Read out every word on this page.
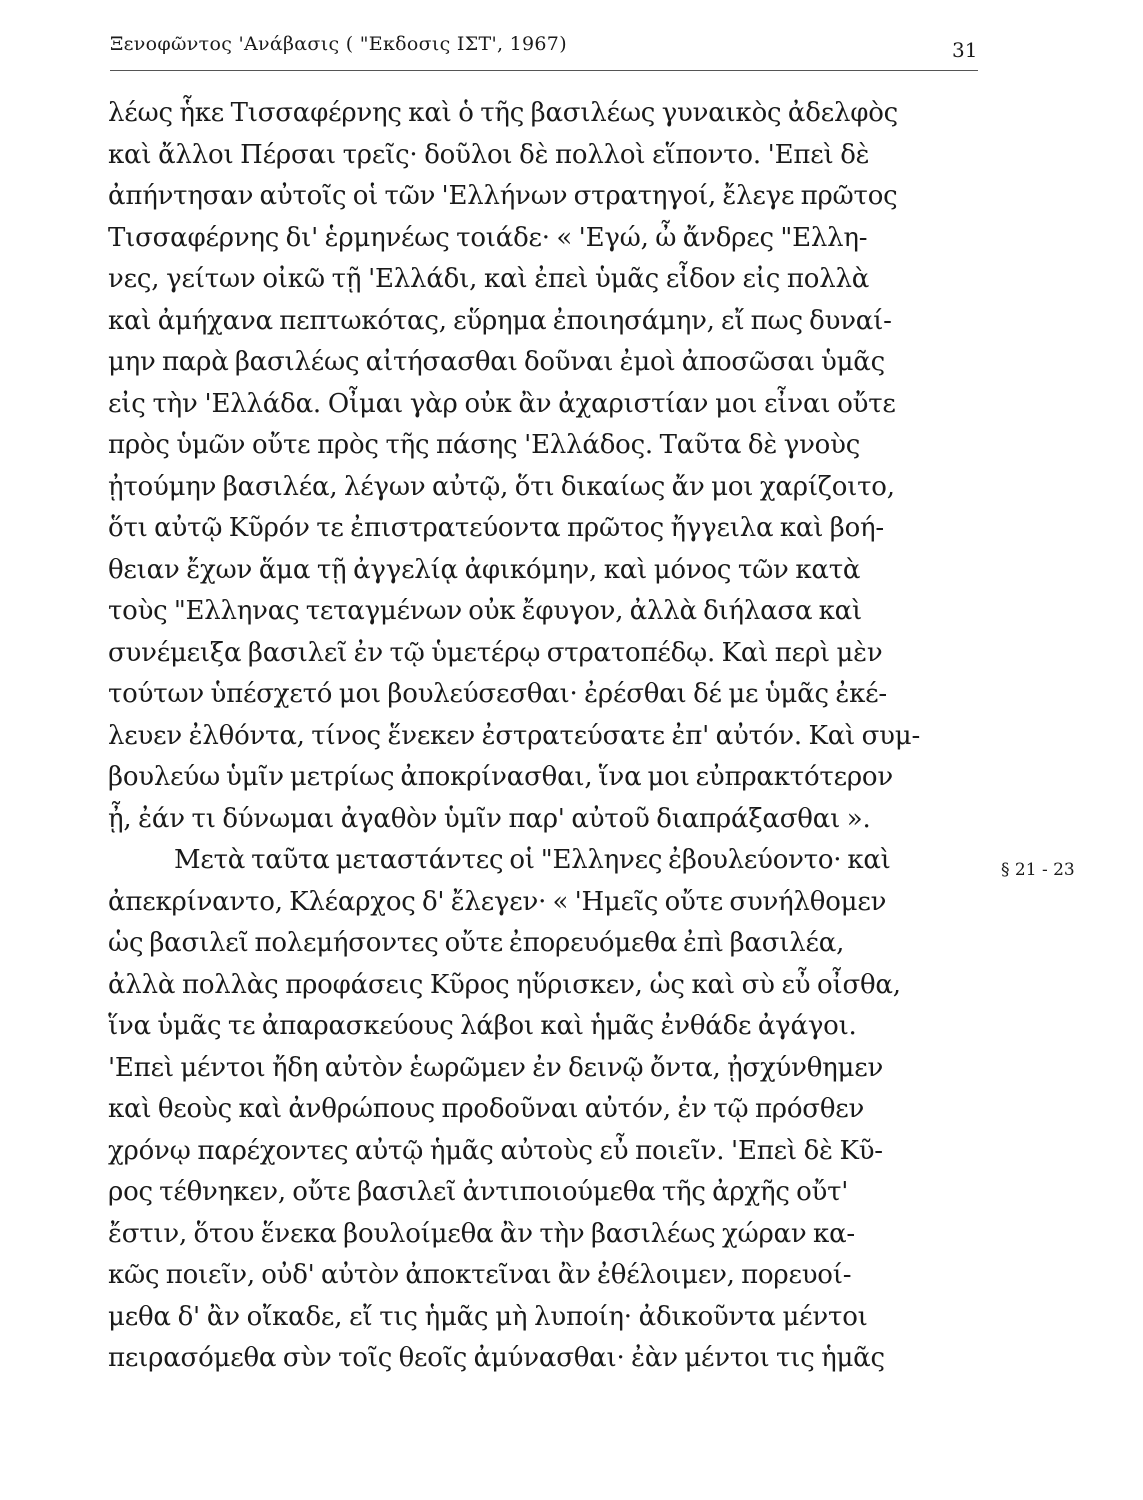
Ξενοφῶντος 'Ανάβασις ( "Εκδοσις ΙΣΤ', 1967)	31
λέως ἧκε Τισσαφέρνης καὶ ὁ τῆς βασιλέως γυναικὸς ἀδελφὸς
καὶ ἄλλοι Πέρσαι τρεῖς· δοῦλοι δὲ πολλοὶ εἵποντο. 'Επεὶ δὲ
ἀπήντησαν αὐτοῖς οἱ τῶν 'Ελλήνων στρατηγοί, ἔλεγε πρῶτος
Τισσαφέρνης δι' ἑρμηνέως τοιάδε· « 'Εγώ, ὦ ἄνδρες "Ελλη-
νες, γείτων οἰκῶ τῇ 'Ελλάδι, καὶ ἐπεὶ ὑμᾶς εἶδον εἰς πολλὰ
καὶ ἀμήχανα πεπτωκότας, εὕρημα ἐποιησάμην, εἴ πως δυναί-
μην παρὰ βασιλέως αἰτήσασθαι δοῦναι ἐμοὶ ἀποσῶσαι ὑμᾶς
εἰς τὴν 'Ελλάδα. Οἶμαι γὰρ οὐκ ἂν ἀχαριστίαν μοι εἶναι οὔτε
πρὸς ὑμῶν οὔτε πρὸς τῆς πάσης 'Ελλάδος. Ταῦτα δὲ γνοὺς
ᾐτούμην βασιλέα, λέγων αὐτῷ, ὅτι δικαίως ἄν μοι χαρίζοιτο,
ὅτι αὐτῷ Κῦρόν τε ἐπιστρατεύοντα πρῶτος ἤγγειλα καὶ βοή-
θειαν ἔχων ἅμα τῇ ἀγγελίᾳ ἀφικόμην, καὶ μόνος τῶν κατὰ
τοὺς "Ελληνας τεταγμένων οὐκ ἔφυγον, ἀλλὰ διήλασα καὶ
συνέμειξα βασιλεῖ ἐν τῷ ὑμετέρῳ στρατοπέδῳ. Καὶ περὶ μὲν
τούτων ὑπέσχετό μοι βουλεύσεσθαι· ἐρέσθαι δέ με ὑμᾶς ἐκέ-
λευεν ἐλθόντα, τίνος ἕνεκεν ἐστρατεύσατε ἐπ' αὐτόν. Καὶ συμ-
βουλεύω ὑμῖν μετρίως ἀποκρίνασθαι, ἵνα μοι εὐπρακτότερον
ᾖ, ἐάν τι δύνωμαι ἀγαθὸν ὑμῖν παρ' αὐτοῦ διαπράξασθαι ».
Μετὰ ταῦτα μεταστάντες οἱ "Ελληνες ἐβουλεύοντο· καὶ
ἀπεκρίναντο, Κλέαρχος δ' ἔλεγεν· « 'Ημεῖς οὔτε συνήλθομεν
ὡς βασιλεῖ πολεμήσοντες οὔτε ἐπορευόμεθα ἐπὶ βασιλέα,
ἀλλὰ πολλὰς προφάσεις Κῦρος ηὕρισκεν, ὡς καὶ σὺ εὖ οἶσθα,
ἵνα ὑμᾶς τε ἀπαρασκεύους λάβοι καὶ ἡμᾶς ἐνθάδε ἀγάγοι.
'Επεὶ μέντοι ἤδη αὐτὸν ἑωρῶμεν ἐν δεινῷ ὄντα, ᾐσχύνθημεν
καὶ θεοὺς καὶ ἀνθρώπους προδοῦναι αὐτόν, ἐν τῷ πρόσθεν
χρόνῳ παρέχοντες αὐτῷ ἡμᾶς αὐτοὺς εὖ ποιεῖν. 'Επεὶ δὲ Κῦ-
ρος τέθνηκεν, οὔτε βασιλεῖ ἀντιποιούμεθα τῆς ἀρχῆς οὔτ'
ἔστιν, ὅτου ἕνεκα βουλοίμεθα ἂν τὴν βασιλέως χώραν κα-
κῶς ποιεῖν, οὐδ' αὐτὸν ἀποκτεῖναι ἂν ἐθέλοιμεν, πορευοί-
μεθα δ' ἂν οἴκαδε, εἴ τις ἡμᾶς μὴ λυποίη· ἀδικοῦντα μέντοι
πειρασόμεθα σὺν τοῖς θεοῖς ἀμύνασθαι· ἐὰν μέντοι τις ἡμᾶς
§ 21 - 23
